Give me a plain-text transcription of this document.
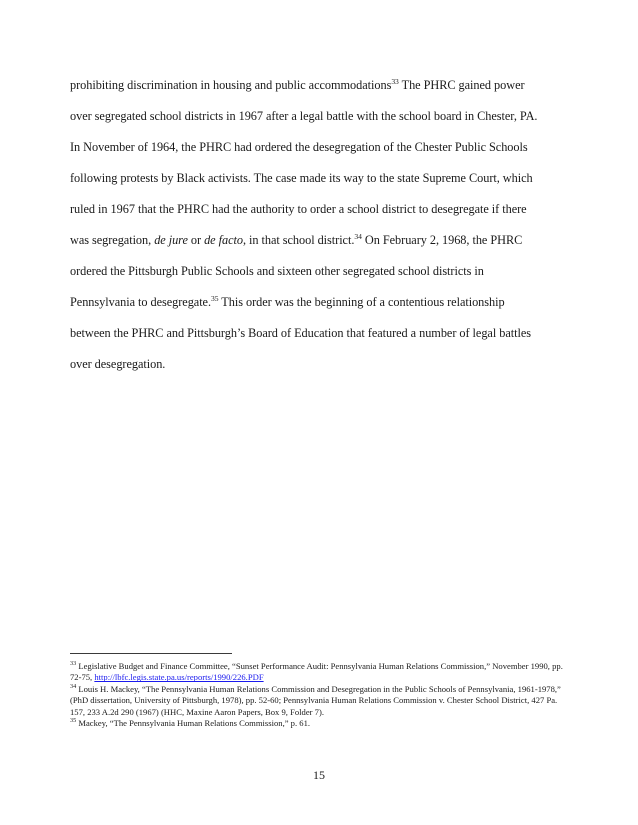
prohibiting discrimination in housing and public accommodations$^{33}$ The PHRC gained power
over segregated school districts in 1967 after a legal battle with the school board in Chester, PA.
In November of 1964, the PHRC had ordered the desegregation of the Chester Public Schools
following protests by Black activists. The case made its way to the state Supreme Court, which
ruled in 1967 that the PHRC had the authority to order a school district to desegregate if there
was segregation, de jure or de facto, in that school district.$^{34}$ On February 2, 1968, the PHRC
ordered the Pittsburgh Public Schools and sixteen other segregated school districts in
Pennsylvania to desegregate.$^{35}$ This order was the beginning of a contentious relationship
between the PHRC and Pittsburgh’s Board of Education that featured a number of legal battles
over desegregation.

$^{33}$ Legislative Budget and Finance Committee, “Sunset Performance Audit: Pennsylvania Human Relations Commission,” November 1990, pp. 72-75, http://lbfc.legis.state.pa.us/reports/1990/226.PDF

$^{34}$ Louis H. Mackey, “The Pennsylvania Human Relations Commission and Desegregation in the Public Schools of Pennsylvania, 1961-1978,” (PhD dissertation, University of Pittsburgh, 1978), pp. 52-60; Pennsylvania Human Relations Commission v. Chester School District, 427 Pa. 157, 233 A.2d 290 (1967) (HHC, Maxine Aaron Papers, Box 9, Folder 7).

$^{35}$ Mackey, “The Pennsylvania Human Relations Commission,” p. 61.

15
